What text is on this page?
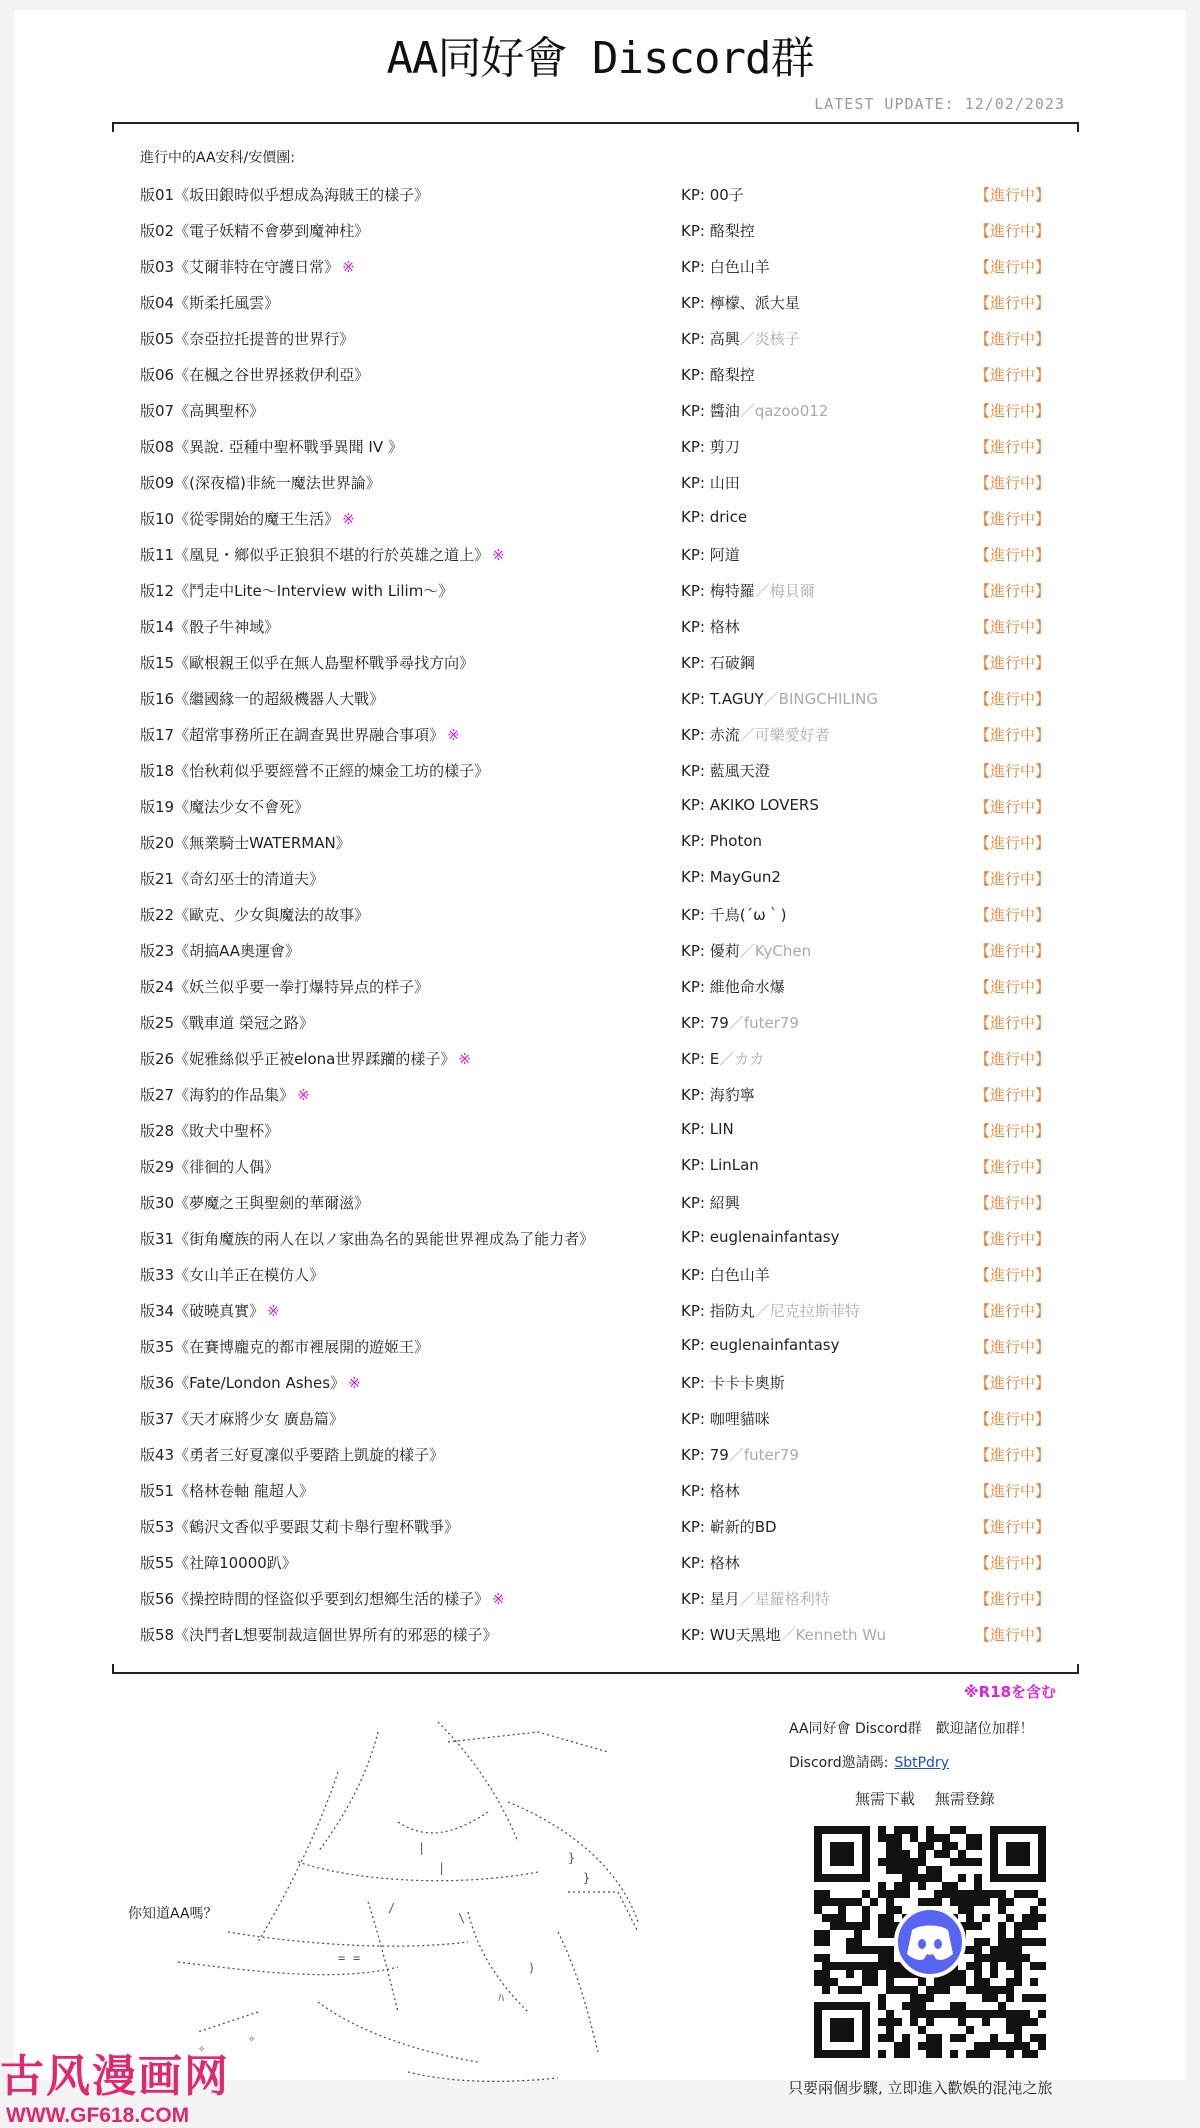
AA同好會 Discord群
LATEST UPDATE: 12/02/2023
進行中的AA安科/安價團:
版01《坂田銀時似乎想成為海賊王的樣子》	KP: 00子	【進行中】
版02《電子妖精不會夢到魔神柱》	KP: 酪梨控	【進行中】
版03《艾爾菲特在守護日常》 ※	KP: 白色山羊	【進行中】
版04《斯柔托風雲》	KP: 檸檬、派大星	【進行中】
版05《奈亞拉托提普的世界行》	KP: 高興／炎核子	【進行中】
版06《在楓之谷世界拯救伊利亞》	KP: 酪梨控	【進行中】
版07《高興聖杯》	KP: 醬油／qazoo012	【進行中】
版08《異說. 亞種中聖杯戰爭異聞 IV 》	KP: 剪刀	【進行中】
版09《(深夜檔)非統一魔法世界論》	KP: 山田	【進行中】
版10《從零開始的魔王生活》 ※	KP: drice	【進行中】
版11《凰見・鄉似乎正狼狽不堪的行於英雄之道上》 ※	KP: 阿道	【進行中】
版12《鬥走中Lite～Interview with Lilim～》	KP: 梅特羅／梅貝爾	【進行中】
版14《骰子牛神域》	KP: 格林	【進行中】
版15《歐根親王似乎在無人島聖杯戰爭尋找方向》	KP: 石破鋼	【進行中】
版16《繼國緣一的超級機器人大戰》	KP: T.AGUY／BINGCHILING	【進行中】
版17《超常事務所正在調查異世界融合事項》 ※	KP: 赤流／可樂愛好者	【進行中】
版18《怡秋莉似乎要經營不正經的煉金工坊的樣子》	KP: 藍風天澄	【進行中】
版19《魔法少女不會死》	KP: AKIKO LOVERS	【進行中】
版20《無業騎士WATERMAN》	KP: Photon	【進行中】
版21《奇幻巫士的清道夫》	KP: MayGun2	【進行中】
版22《歐克、少女與魔法的故事》	KP: 千鳥(´ω｀)	【進行中】
版23《胡搞AA奧運會》	KP: 優莉／KyChen	【進行中】
版24《妖兰似乎要一拳打爆特异点的样子》	KP: 維他命水爆	【進行中】
版25《戰車道 榮冠之路》	KP: 79／futer79	【進行中】
版26《妮雅絲似乎正被elona世界蹂躪的樣子》 ※	KP: E／カカ	【進行中】
版27《海豹的作品集》 ※	KP: 海豹寧	【進行中】
版28《敗犬中聖杯》	KP: LIN	【進行中】
版29《徘徊的人偶》	KP: LinLan	【進行中】
版30《夢魔之王與聖劍的華爾滋》	KP: 紹興	【進行中】
版31《街角魔族的兩人在以ノ家曲為名的異能世界裡成為了能力者》	KP: euglenainfantasy	【進行中】
版33《女山羊正在模仿人》	KP: 白色山羊	【進行中】
版34《破曉真實》 ※	KP: 指防丸／尼克拉斯菲特	【進行中】
版35《在賽博龐克的都市裡展開的遊姬王》	KP: euglenainfantasy	【進行中】
版36《Fate/London Ashes》 ※	KP: 卡卡卡奧斯	【進行中】
版37《天才麻將少女 廣島篇》	KP: 咖哩貓咪	【進行中】
版43《勇者三好夏凜似乎要踏上凱旋的樣子》	KP: 79／futer79	【進行中】
版51《格林卷軸 龍超人》	KP: 格林	【進行中】
版53《鶴沢文香似乎要跟艾莉卡舉行聖杯戰爭》	KP: 嶄新的BD	【進行中】
版55《社障10000趴》	KP: 格林	【進行中】
版56《操控時間的怪盜似乎要到幻想鄉生活的樣子》 ※	KP: 星月／星羅格利特	【進行中】
版58《決鬥者L想要制裁這個世界所有的邪惡的樣子》	KP: WU天黑地／Kenneth Wu	【進行中】
※R18を含む
|
|
/
\
}
}
= =
)
ﾊ
✧
✧
你知道AA嗎？
AA同好會 Discord群　歡迎諸位加群！
Discord邀請碼: SbtPdry
無需下載　 無需登錄
只要兩個步驟, 立即進入歡娛的混沌之旅
古风漫画网
WWW.GF618.COM
